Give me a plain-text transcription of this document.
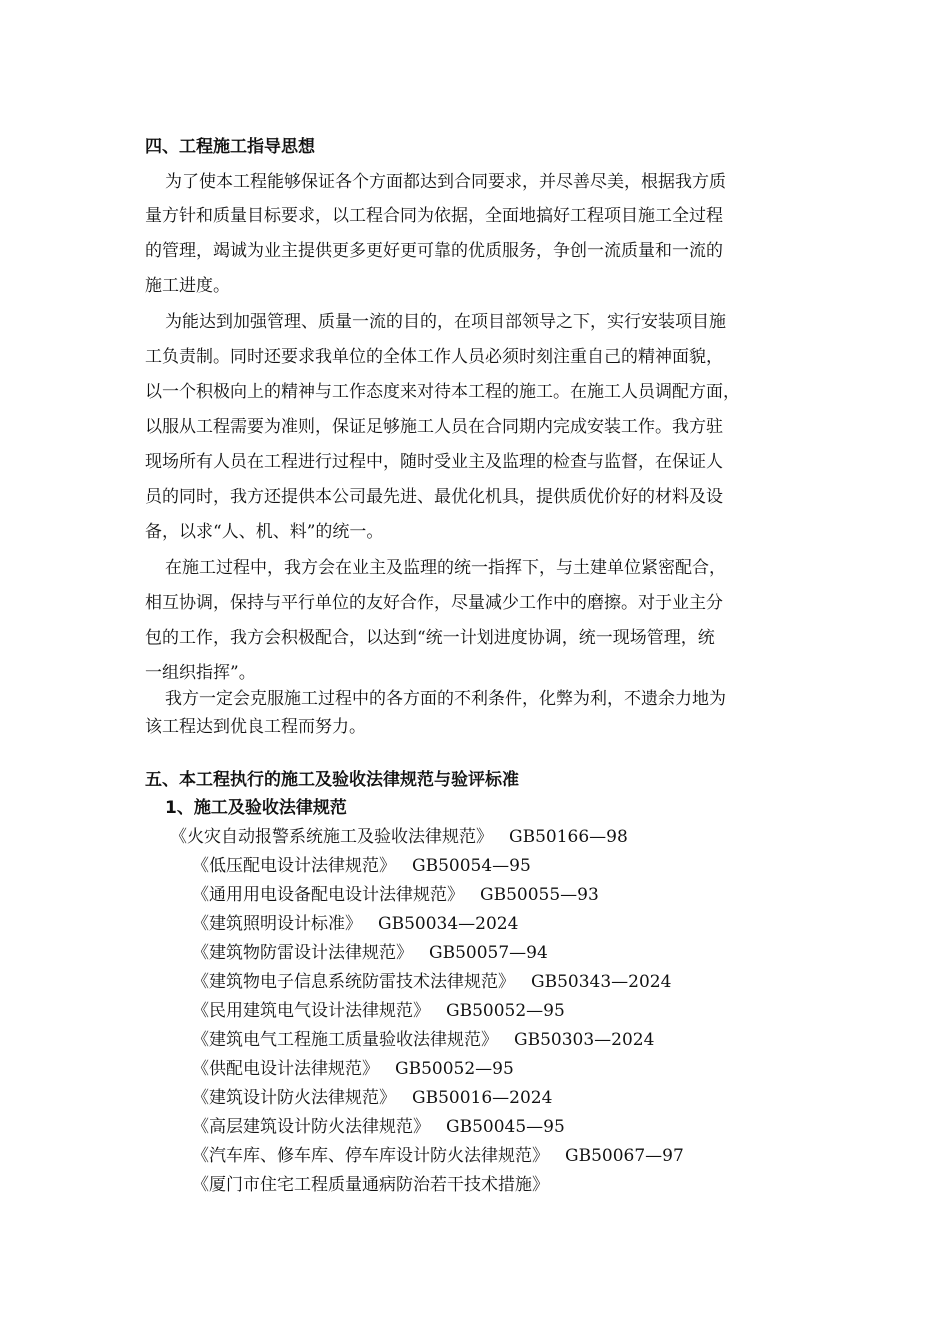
四、工程施工指导思想
为了使本工程能够保证各个方面都达到合同要求，并尽善尽美，根据我方质
量方针和质量目标要求，以工程合同为依据，全面地搞好工程项目施工全过程
的管理，竭诚为业主提供更多更好更可靠的优质服务，争创一流质量和一流的
施工进度。
为能达到加强管理、质量一流的目的，在项目部领导之下，实行安装项目施
工负责制。同时还要求我单位的全体工作人员必须时刻注重自己的精神面貌，
以一个积极向上的精神与工作态度来对待本工程的施工。在施工人员调配方面，
以服从工程需要为准则，保证足够施工人员在合同期内完成安装工作。我方驻
现场所有人员在工程进行过程中，随时受业主及监理的检查与监督，在保证人
员的同时，我方还提供本公司最先进、最优化机具，提供质优价好的材料及设
备，以求“人、机、料”的统一。
在施工过程中，我方会在业主及监理的统一指挥下，与土建单位紧密配合，
相互协调，保持与平行单位的友好合作，尽量减少工作中的磨擦。对于业主分
包的工作，我方会积极配合，以达到“统一计划进度协调，统一现场管理，统
一组织指挥”。
我方一定会克服施工过程中的各方面的不利条件，化弊为利，不遗余力地为
该工程达到优良工程而努力。
五、本工程执行的施工及验收法律规范与验评标准
1、施工及验收法律规范
《火灾自动报警系统施工及验收法律规范》 GB50166—98
《低压配电设计法律规范》 GB50054—95
《通用用电设备配电设计法律规范》 GB50055—93
《建筑照明设计标准》 GB50034—2024
《建筑物防雷设计法律规范》 GB50057—94
《建筑物电子信息系统防雷技术法律规范》 GB50343—2024
《民用建筑电气设计法律规范》 GB50052—95
《建筑电气工程施工质量验收法律规范》 GB50303—2024
《供配电设计法律规范》 GB50052—95
《建筑设计防火法律规范》 GB50016—2024
《高层建筑设计防火法律规范》 GB50045—95
《汽车库、修车库、停车库设计防火法律规范》 GB50067—97
《厦门市住宅工程质量通病防治若干技术措施》
